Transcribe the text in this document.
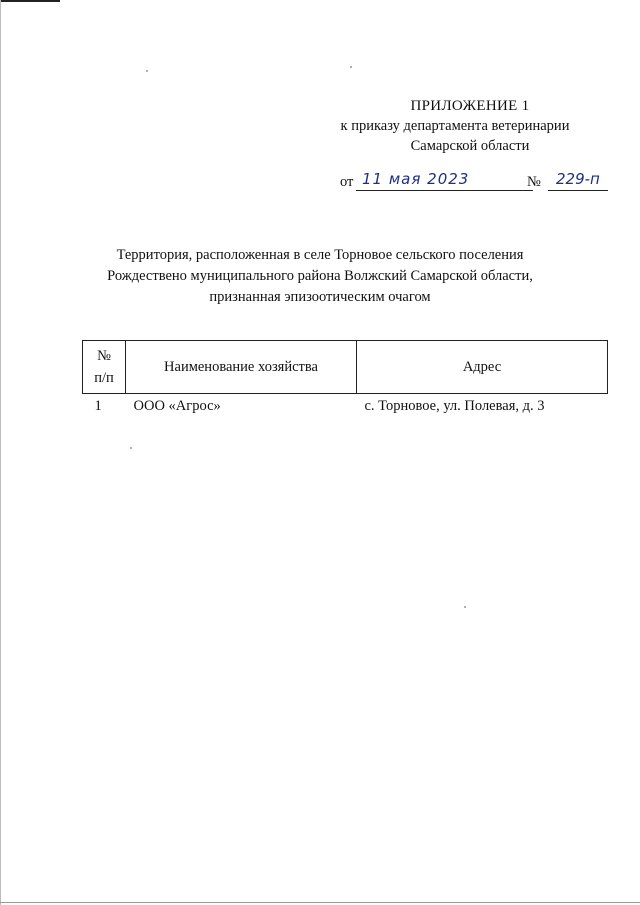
ПРИЛОЖЕНИЕ 1
к приказу департамента ветеринарии
Самарской области
от 11 мая 2023	№ 229-п
Территория, расположенная в селе Торновое сельского поселения
Рождествено муниципального района Волжский Самарской области,
признанная эпизоотическим очагом
№
п/п	Наименование хозяйства	Адрес
1	ООО «Агрос»	с. Торновое, ул. Полевая, д. 3
